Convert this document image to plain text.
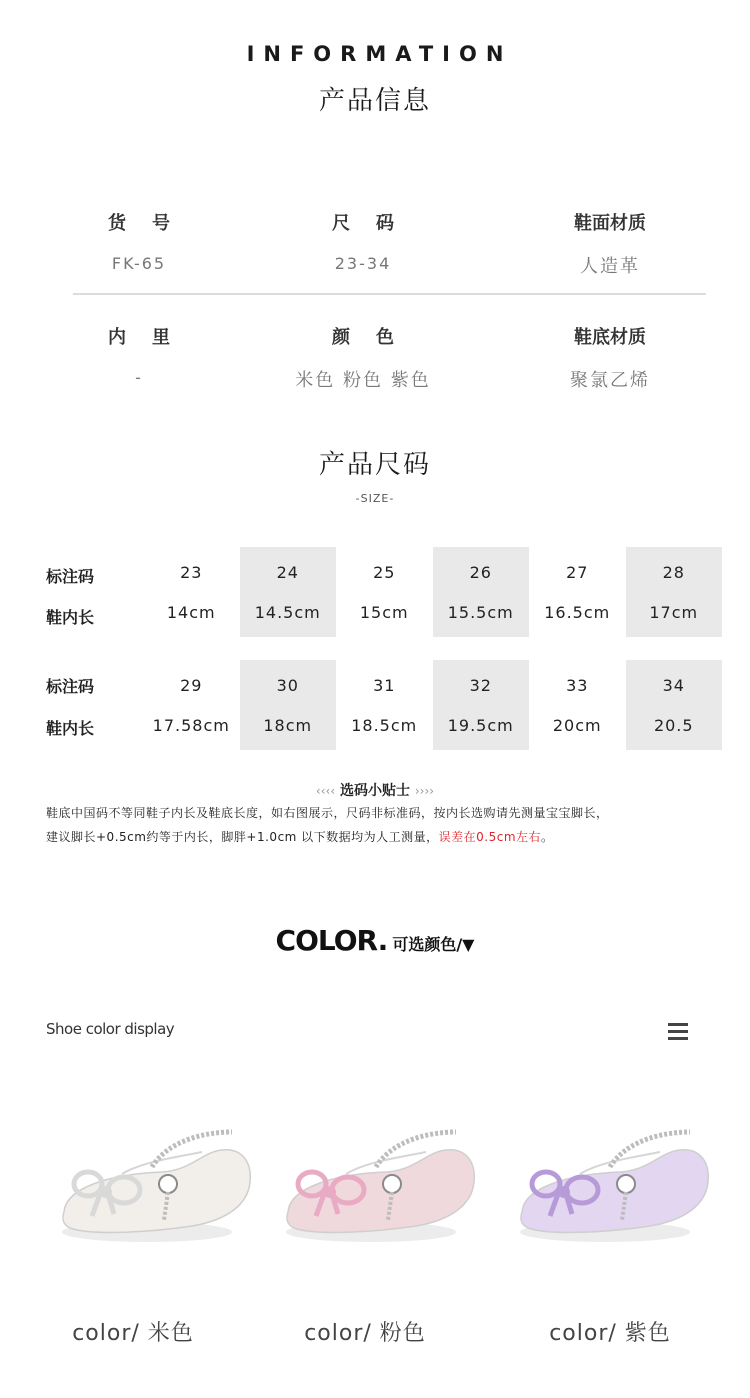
INFORMATION
产品信息
货号
FK-65
尺码
23-34
鞋面材质
人造革
内里
-
颜色
米色 粉色 紫色
鞋底材质
聚氯乙烯
产品尺码
-SIZE-
标注码
鞋内长
23
14cm
24
14.5cm
25
15cm
26
15.5cm
27
16.5cm
28
17cm
标注码
鞋内长
29
17.58cm
30
18cm
31
18.5cm
32
19.5cm
33
20cm
34
20.5
‹‹‹‹ 选码小贴士 ››››
鞋底中国码不等同鞋子内长及鞋底长度，如右图展示，尺码非标准码，按内长选购请先测量宝宝脚长，
建议脚长+0.5cm约等于内长，脚胖+1.0cm 以下数据均为人工测量，误差在0.5cm左右。
COLOR. 可选颜色/▼
Shoe color display
color/ 米色	color/ 粉色	color/ 紫色
